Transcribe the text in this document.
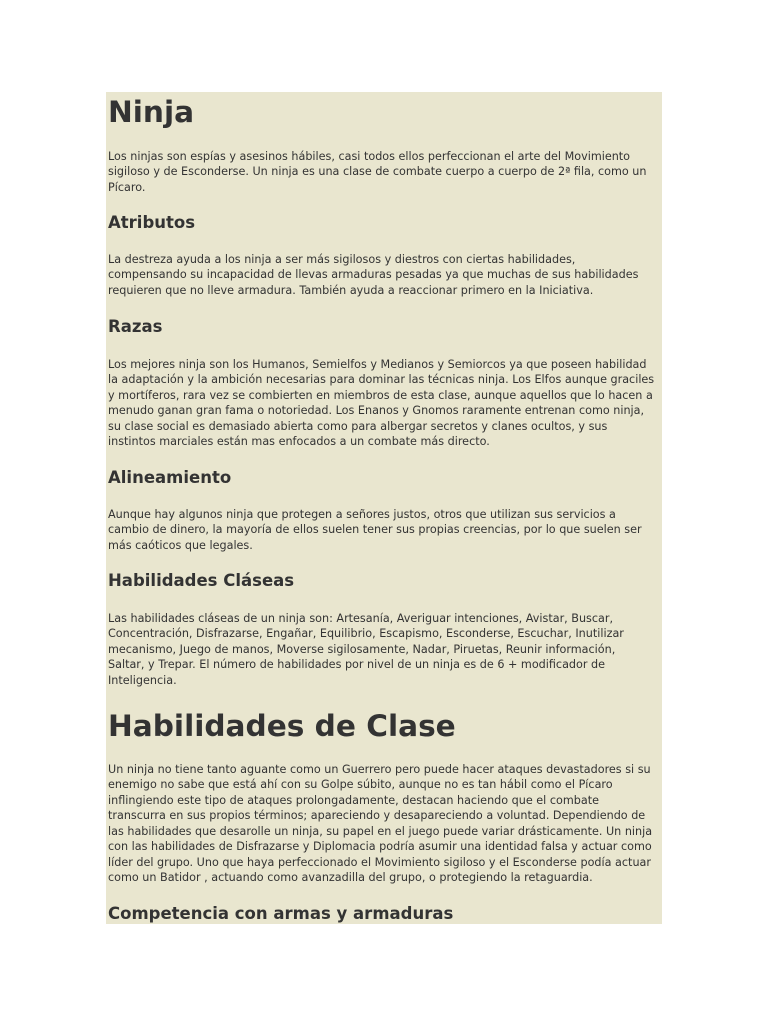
Ninja
Los ninjas son espías y asesinos hábiles, casi todos ellos perfeccionan el arte del Movimiento
sigiloso y de Esconderse. Un ninja es una clase de combate cuerpo a cuerpo de 2ª fila, como un
Pícaro.
Atributos
La destreza ayuda a los ninja a ser más sigilosos y diestros con ciertas habilidades,
compensando su incapacidad de llevas armaduras pesadas ya que muchas de sus habilidades
requieren que no lleve armadura. También ayuda a reaccionar primero en la Iniciativa.
Razas
Los mejores ninja son los Humanos, Semielfos y Medianos y Semiorcos ya que poseen habilidad
la adaptación y la ambición necesarias para dominar las técnicas ninja. Los Elfos aunque graciles
y mortíferos, rara vez se combierten en miembros de esta clase, aunque aquellos que lo hacen a
menudo ganan gran fama o notoriedad. Los Enanos y Gnomos raramente entrenan como ninja,
su clase social es demasiado abierta como para albergar secretos y clanes ocultos, y sus
instintos marciales están mas enfocados a un combate más directo.
Alineamiento
Aunque hay algunos ninja que protegen a señores justos, otros que utilizan sus servicios a
cambio de dinero, la mayoría de ellos suelen tener sus propias creencias, por lo que suelen ser
más caóticos que legales.
Habilidades Cláseas
Las habilidades cláseas de un ninja son: Artesanía, Averiguar intenciones, Avistar, Buscar,
Concentración, Disfrazarse, Engañar, Equilibrio, Escapismo, Esconderse, Escuchar, Inutilizar
mecanismo, Juego de manos, Moverse sigilosamente, Nadar, Piruetas, Reunir información,
Saltar, y Trepar. El número de habilidades por nivel de un ninja es de 6 + modificador de
Inteligencia.
Habilidades de Clase
Un ninja no tiene tanto aguante como un Guerrero pero puede hacer ataques devastadores si su
enemigo no sabe que está ahí con su Golpe súbito, aunque no es tan hábil como el Pícaro
inflingiendo este tipo de ataques prolongadamente, destacan haciendo que el combate
transcurra en sus propios términos; apareciendo y desapareciendo a voluntad. Dependiendo de
las habilidades que desarolle un ninja, su papel en el juego puede variar drásticamente. Un ninja
con las habilidades de Disfrazarse y Diplomacia podría asumir una identidad falsa y actuar como
líder del grupo. Uno que haya perfeccionado el Movimiento sigiloso y el Esconderse podía actuar
como un Batidor , actuando como avanzadilla del grupo, o protegiendo la retaguardia.
Competencia con armas y armaduras
